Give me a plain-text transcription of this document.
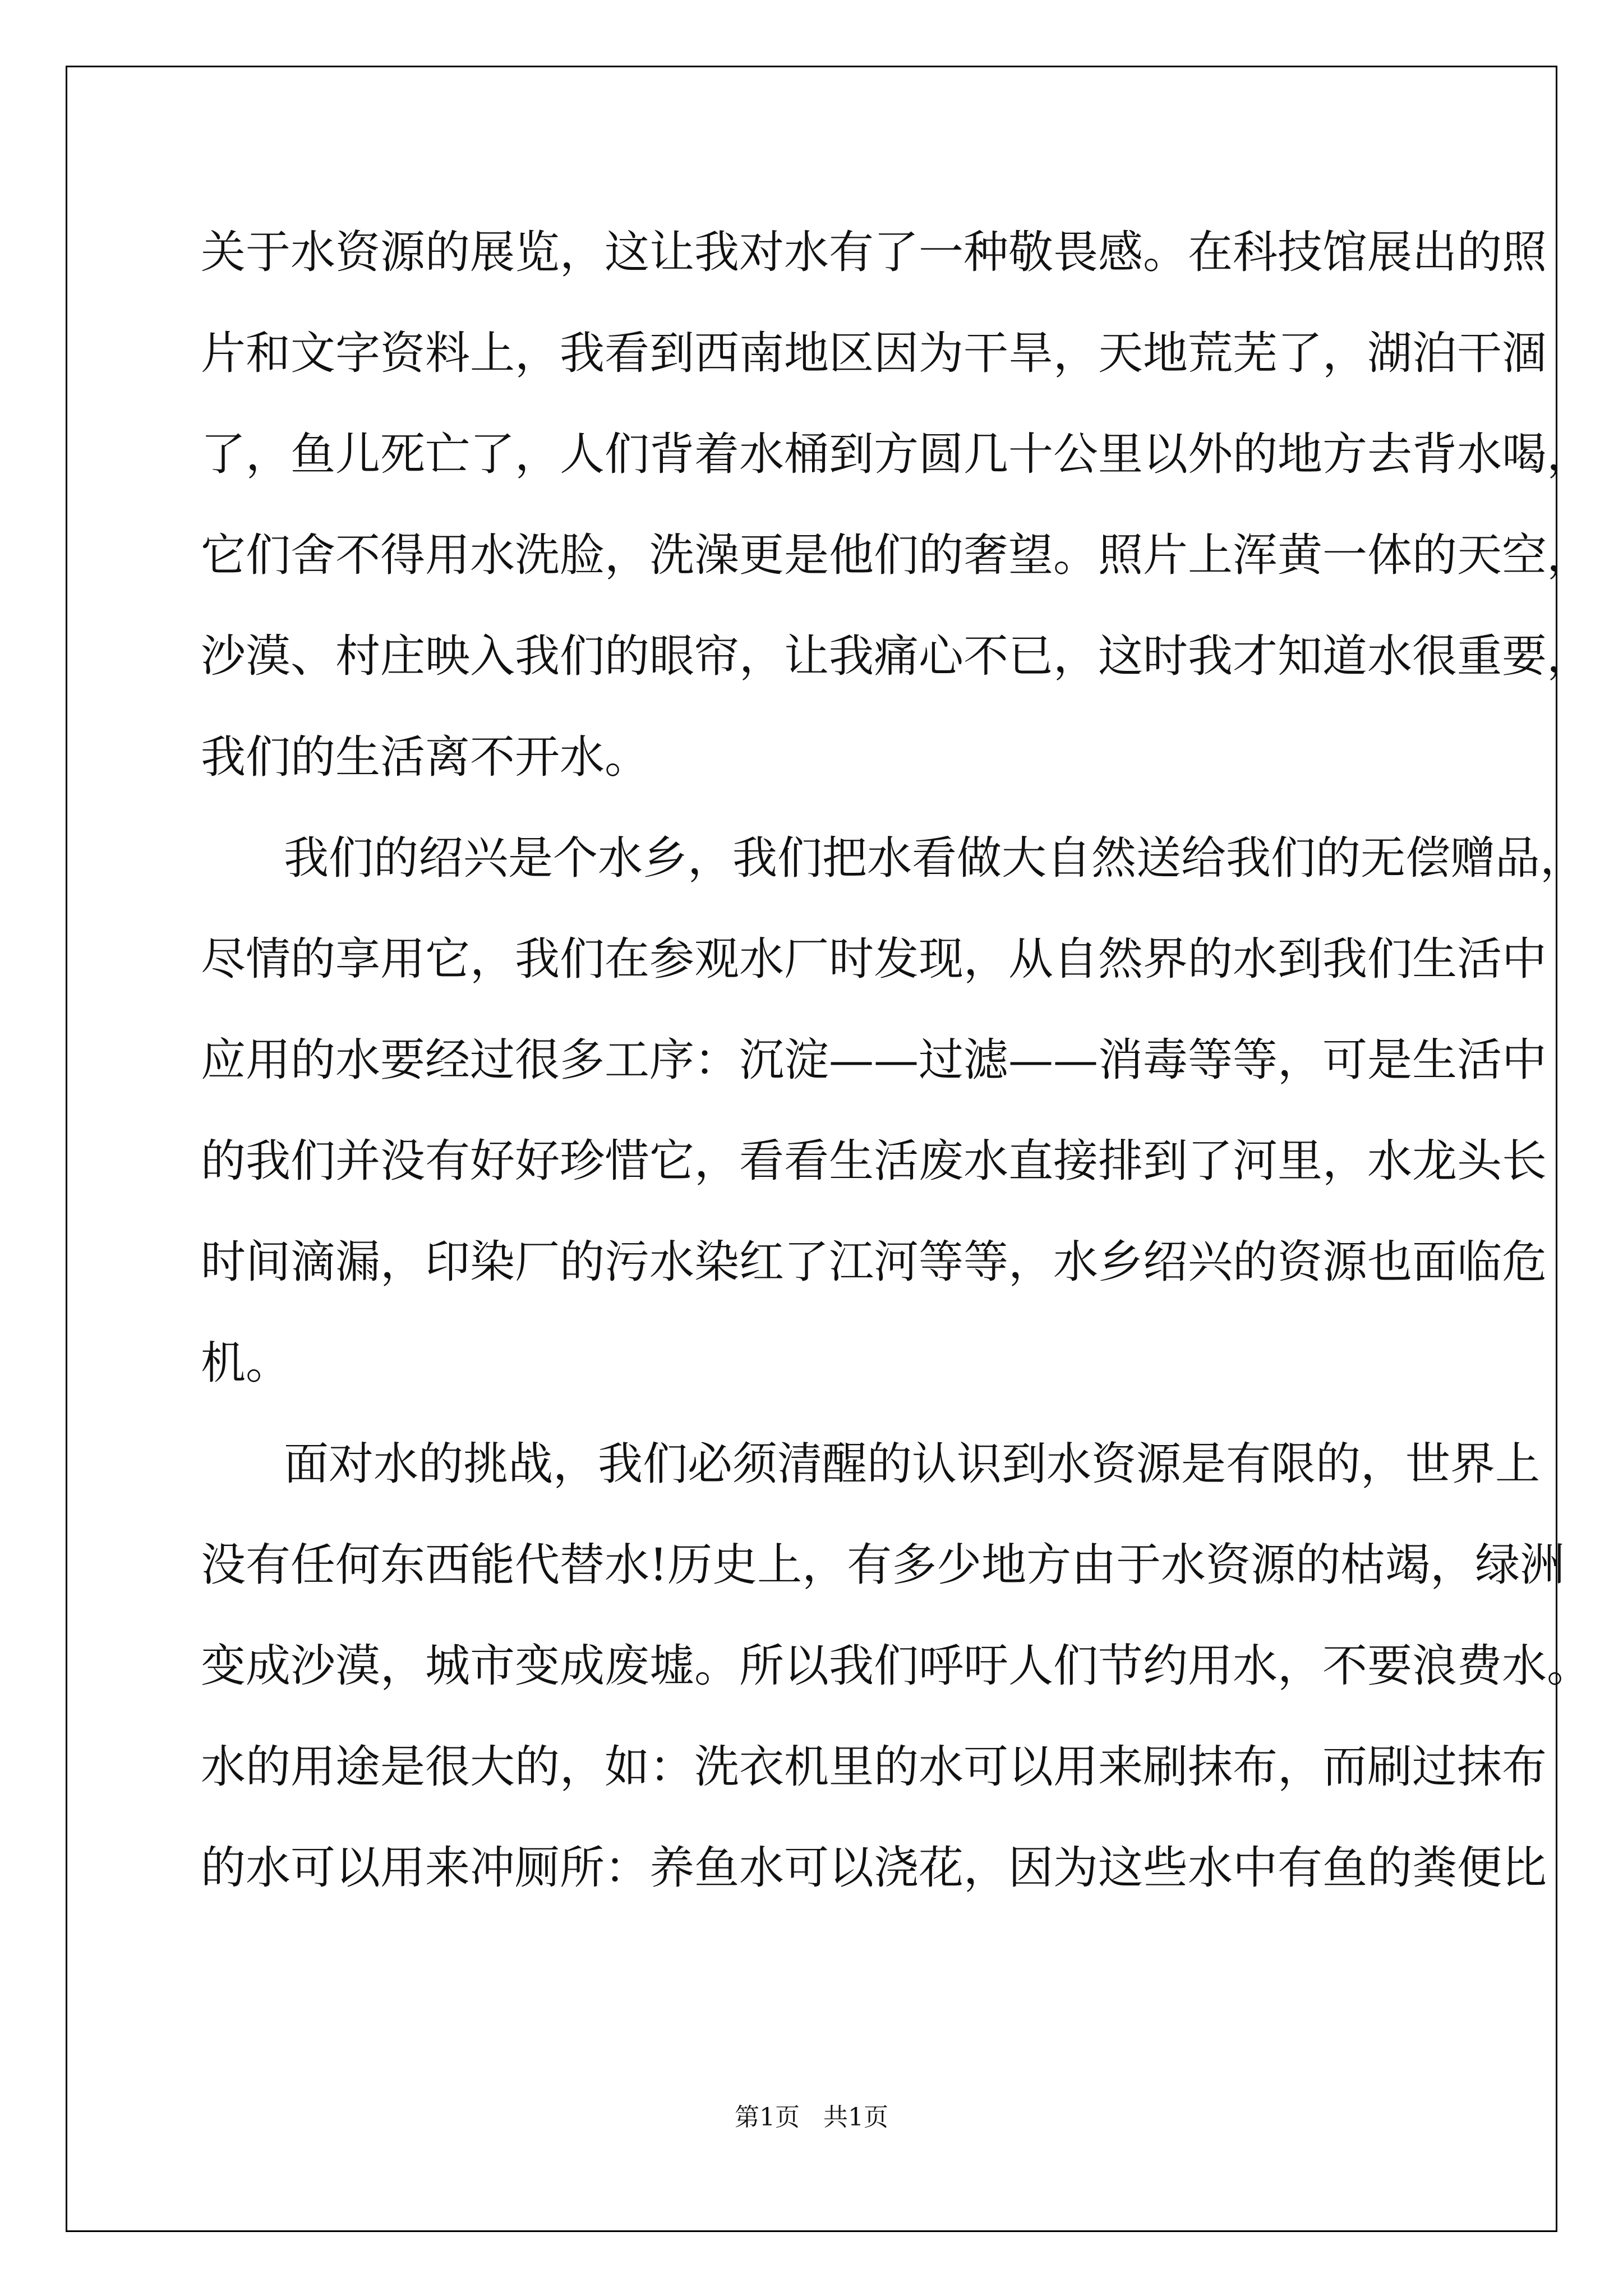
关于水资源的展览，这让我对水有了一种敬畏感。在科技馆展出的照
片和文字资料上，我看到西南地区因为干旱，天地荒芜了，湖泊干涸
了，鱼儿死亡了，人们背着水桶到方圆几十公里以外的地方去背水喝，
它们舍不得用水洗脸，洗澡更是他们的奢望。照片上浑黄一体的天空，
沙漠、村庄映入我们的眼帘，让我痛心不已，这时我才知道水很重要，
我们的生活离不开水。
我们的绍兴是个水乡，我们把水看做大自然送给我们的无偿赠品，
尽情的享用它，我们在参观水厂时发现，从自然界的水到我们生活中
应用的水要经过很多工序：沉淀——过滤——消毒等等，可是生活中
的我们并没有好好珍惜它，看看生活废水直接排到了河里，水龙头长
时间滴漏，印染厂的污水染红了江河等等，水乡绍兴的资源也面临危
机。
面对水的挑战，我们必须清醒的认识到水资源是有限的，世界上
没有任何东西能代替水!历史上，有多少地方由于水资源的枯竭，绿洲
变成沙漠，城市变成废墟。所以我们呼吁人们节约用水，不要浪费水。
水的用途是很大的，如：洗衣机里的水可以用来刷抹布，而刷过抹布
的水可以用来冲厕所：养鱼水可以浇花，因为这些水中有鱼的粪便比
第1页   共1页
